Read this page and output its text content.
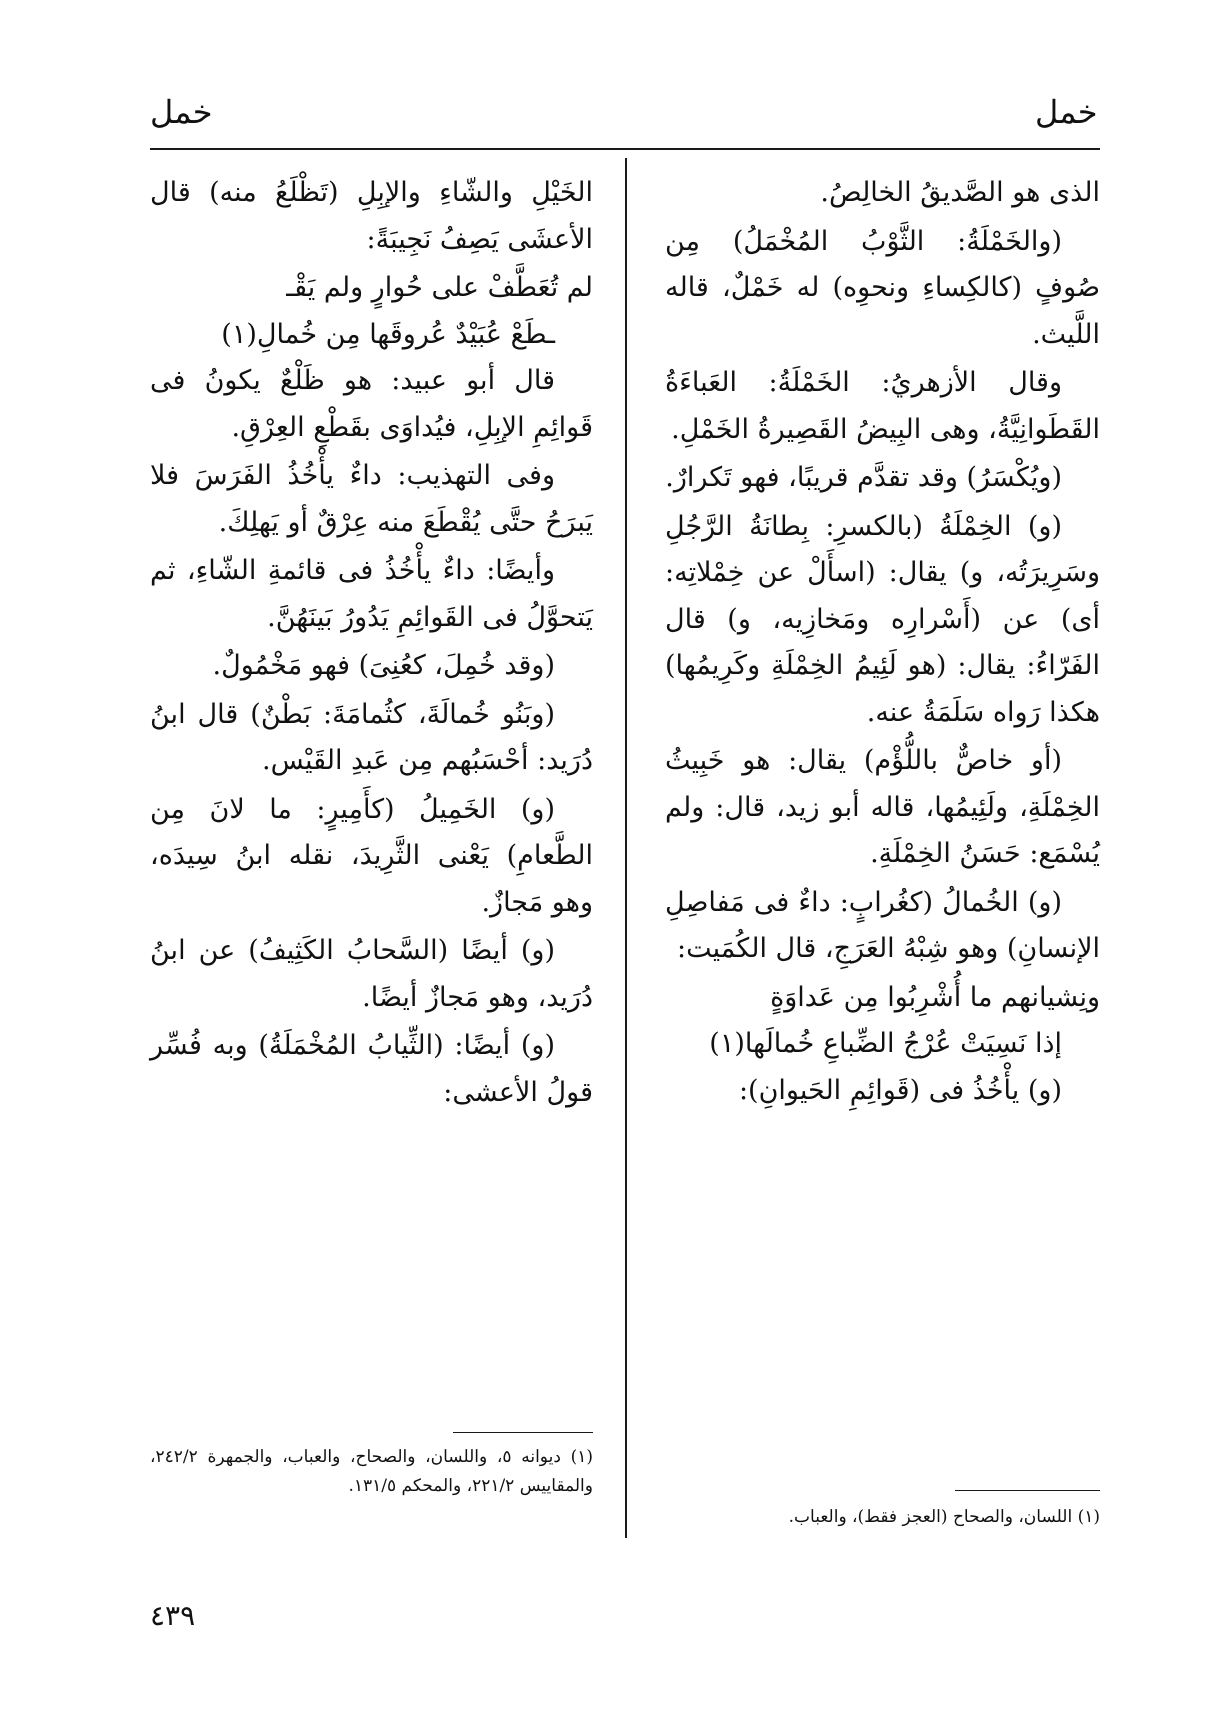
خمل
خمل

الذى هو الصَّديقُ الخالِصُ.

(والخَمْلَةُ: الثَّوْبُ المُخْمَلُ) مِن صُوفٍ (كالكِساءِ ونحوِه) له خَمْلٌ، قاله اللَّيث.

وقال الأزهريُ: الخَمْلَةُ: العَباءَةُ القَطَوانِيَّةُ، وهى البِيضُ القَصِيرةُ الخَمْلِ.

(ويُكْسَرُ) وقد تقدَّم قريبًا، فهو تَكرارٌ.

(و) الخِمْلَةُ (بالكسرِ: بِطانَةُ الرَّجُلِ وسَرِيرَتُه، و) يقال: (اسأَلْ عن خِمْلاتِه: أى) عن (أَسْرارِه ومَخازِيه، و) قال الفَرّاءُ: يقال: (هو لَئِيمُ الخِمْلَةِ وكَرِيمُها) هكذا رَواه سَلَمَةُ عنه.

(أو خاصٌّ باللُّؤْم) يقال: هو خَبِيثُ الخِمْلَةِ، ولَئِيمُها، قاله أبو زيد، قال: ولم يُسْمَع: حَسَنُ الخِمْلَةِ.

(و) الخُمالُ (كغُرابٍ: داءٌ فى مَفاصِلِ الإنسانِ) وهو شِبْهُ العَرَجِ، قال الكُمَيت:

ونِشيانهم ما أُشْرِبُوا مِن عَداوَةٍ

إذا نَسِيَتْ عُرْجُ الضِّباعِ خُمالَها(١)

(و) يأْخُذُ فى (قَوائِمِ الحَيوانِ):

(١) اللسان، والصحاح (العجز فقط)، والعباب.

الخَيْلِ والشّاءِ والإبِلِ (تَظْلَعُ منه) قال الأعشَى يَصِفُ نَجِيبَةً:

لم تُعَطَّفْ على حُوارٍ ولم يَقْـ

ـطَعْ عُبَيْدٌ عُروقَها مِن خُمالِ(١)

قال أبو عبيد: هو ظَلْعٌ يكونُ فى قَوائِمِ الإبِلِ، فيُداوَى بقَطْعِ العِرْقِ.

وفى التهذيب: داءٌ يأْخُذُ الفَرَسَ فلا يَبرَحُ حتَّى يُقْطَعَ منه عِرْقٌ أو يَهلِكَ.

وأيضًا: داءٌ يأْخُذُ فى قائمةِ الشّاءِ، ثم يَتحوَّلُ فى القَوائِمِ يَدُورُ بَينَهُنَّ.

(وقد خُمِلَ، كعُنِىَ) فهو مَخْمُولٌ.

(وبَنُو خُمالَةَ، كثُمامَةَ: بَطْنٌ) قال ابنُ دُرَيد: أحْسَبُهم مِن عَبدِ القَيْس.

(و) الخَمِيلُ (كأَمِيرٍ: ما لانَ مِن الطَّعامِ) يَعْنى الثَّرِيدَ، نقله ابنُ سِيدَه، وهو مَجازٌ.

(و) أيضًا (السَّحابُ الكَثِيفُ) عن ابنُ دُرَيد، وهو مَجازٌ أيضًا.

(و) أيضًا: (الثِّيابُ المُخْمَلَةُ) وبه فُسِّر قولُ الأعشى:

(١) ديوانه ٥، واللسان، والصحاح، والعباب، والجمهرة ٢٤٢/٢، والمقاييس ٢٢١/٢، والمحكم ١٣١/٥.
٤٣٩
